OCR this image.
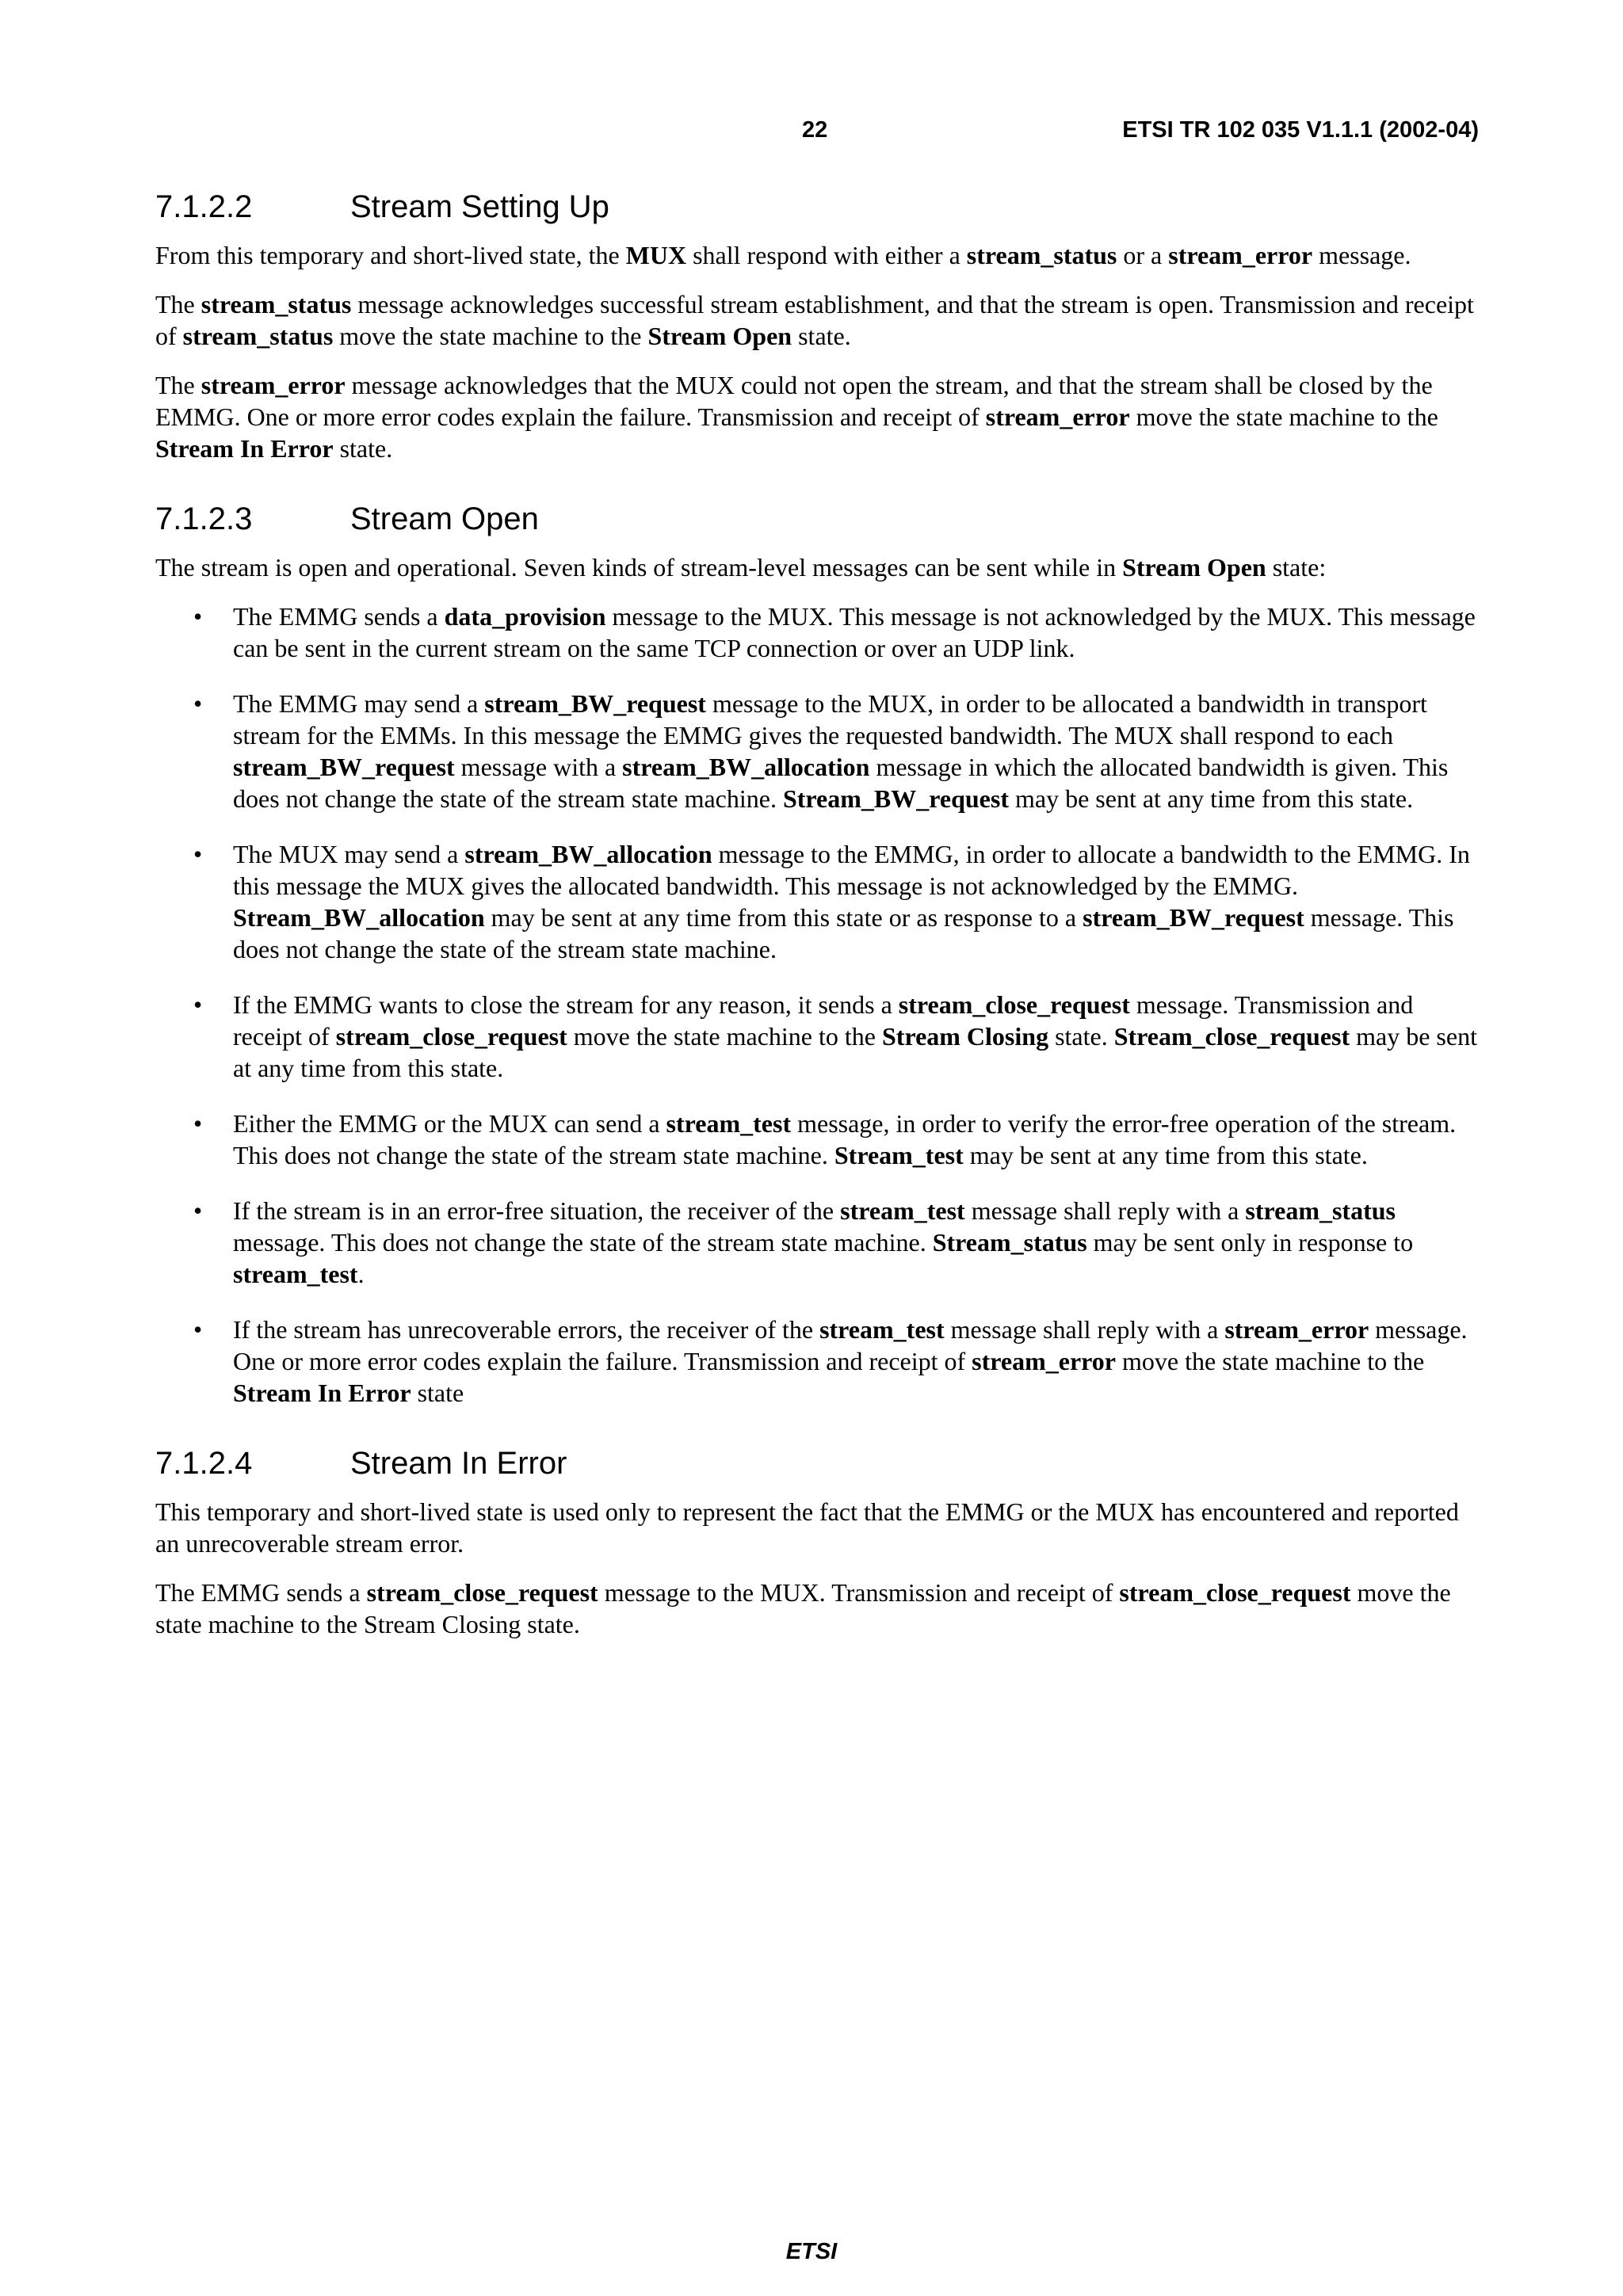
22	ETSI TR 102 035 V1.1.1 (2002-04)
7.1.2.2	Stream Setting Up

From this temporary and short-lived state, the MUX shall respond with either a stream_status or a stream_error message.

The stream_status message acknowledges successful stream establishment, and that the stream is open. Transmission and receipt of stream_status move the state machine to the Stream Open state.

The stream_error message acknowledges that the MUX could not open the stream, and that the stream shall be closed by the EMMG. One or more error codes explain the failure. Transmission and receipt of stream_error move the state machine to the Stream In Error state.

7.1.2.3	Stream Open

The stream is open and operational. Seven kinds of stream-level messages can be sent while in Stream Open state:

• The EMMG sends a data_provision message to the MUX. This message is not acknowledged by the MUX. This message can be sent in the current stream on the same TCP connection or over an UDP link.
• The EMMG may send a stream_BW_request message to the MUX, in order to be allocated a bandwidth in transport stream for the EMMs. In this message the EMMG gives the requested bandwidth. The MUX shall respond to each stream_BW_request message with a stream_BW_allocation message in which the allocated bandwidth is given. This does not change the state of the stream state machine. Stream_BW_request may be sent at any time from this state.
• The MUX may send a stream_BW_allocation message to the EMMG, in order to allocate a bandwidth to the EMMG. In this message the MUX gives the allocated bandwidth. This message is not acknowledged by the EMMG. Stream_BW_allocation may be sent at any time from this state or as response to a stream_BW_request message. This does not change the state of the stream state machine.
• If the EMMG wants to close the stream for any reason, it sends a stream_close_request message. Transmission and receipt of stream_close_request move the state machine to the Stream Closing state. Stream_close_request may be sent at any time from this state.
• Either the EMMG or the MUX can send a stream_test message, in order to verify the error-free operation of the stream. This does not change the state of the stream state machine. Stream_test may be sent at any time from this state.
• If the stream is in an error-free situation, the receiver of the stream_test message shall reply with a stream_status message. This does not change the state of the stream state machine. Stream_status may be sent only in response to stream_test.
• If the stream has unrecoverable errors, the receiver of the stream_test message shall reply with a stream_error message. One or more error codes explain the failure. Transmission and receipt of stream_error move the state machine to the Stream In Error state
7.1.2.4	Stream In Error

This temporary and short-lived state is used only to represent the fact that the EMMG or the MUX has encountered and reported an unrecoverable stream error.

The EMMG sends a stream_close_request message to the MUX. Transmission and receipt of stream_close_request move the state machine to the Stream Closing state.

ETSI
